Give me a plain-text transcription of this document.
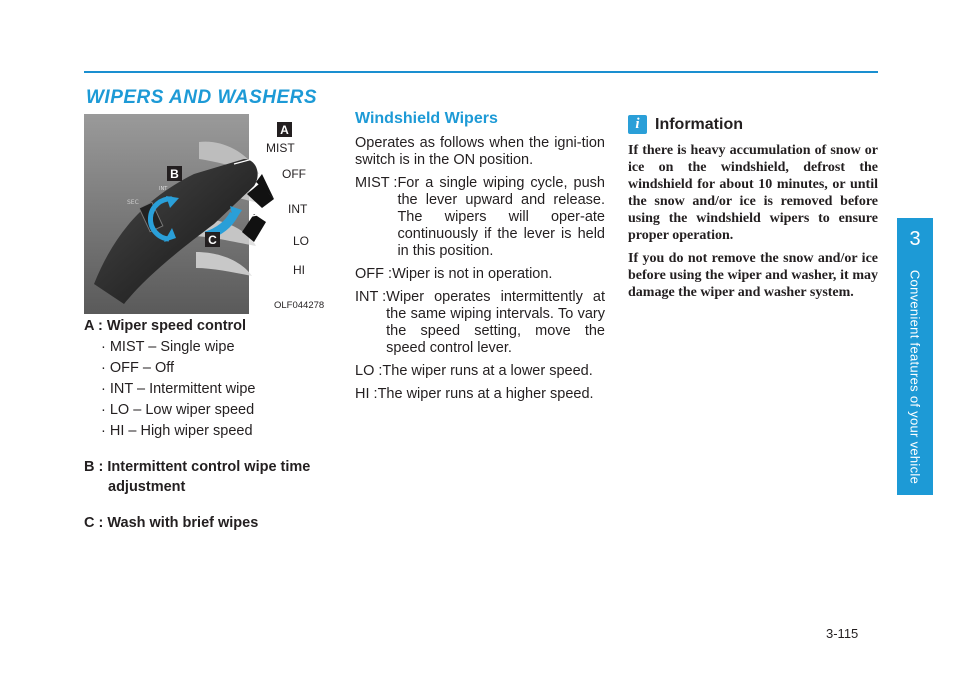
WIPERS AND WASHERS
SEC
INT
A
B
C
MIST
OFF
INT
LO
HI
OLF044278
A : Wiper speed control
· MIST – Single wipe
· OFF – Off
· INT – Intermittent wipe
· LO – Low wiper speed
· HI – High wiper speed
B : Intermittent control wipe time adjustment
C : Wash with brief wipes
Windshield Wipers

Operates as follows when the igni-tion switch is in the ON position.

MIST : For a single wiping cycle, push the lever upward and release. The wipers will oper-ate continuously if the lever is held in this position.
OFF : Wiper is not in operation.
INT : Wiper operates intermittently at the same wiping intervals. To vary the speed setting, move the speed control lever.
LO : The wiper runs at a lower speed.
HI : The wiper runs at a higher speed.
i Information

If there is heavy accumulation of snow or ice on the windshield, defrost the windshield for about 10 minutes, or until the snow and/or ice is removed before using the windshield wipers to ensure proper operation.

If you do not remove the snow and/or ice before using the wiper and washer, it may damage the wiper and washer system.

3
Convenient features of your vehicle
3-115
